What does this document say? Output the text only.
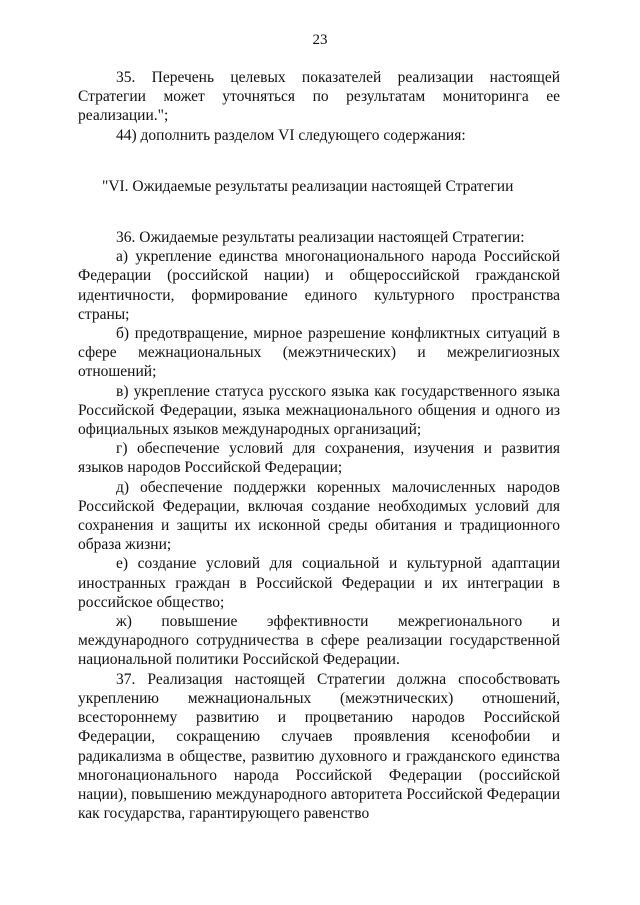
23

35. Перечень целевых показателей реализации настоящей Стратегии может уточняться по результатам мониторинга ее реализации.";

44) дополнить разделом VI следующего содержания:

"VI. Ожидаемые результаты реализации настоящей Стратегии

36. Ожидаемые результаты реализации настоящей Стратегии:

а) укрепление единства многонационального народа Российской Федерации (российской нации) и общероссийской гражданской идентичности, формирование единого культурного пространства страны;

б) предотвращение, мирное разрешение конфликтных ситуаций в сфере межнациональных (межэтнических) и межрелигиозных отношений;

в) укрепление статуса русского языка как государственного языка Российской Федерации, языка межнационального общения и одного из официальных языков международных организаций;

г) обеспечение условий для сохранения, изучения и развития языков народов Российской Федерации;

д) обеспечение поддержки коренных малочисленных народов Российской Федерации, включая создание необходимых условий для сохранения и защиты их исконной среды обитания и традиционного образа жизни;

е) создание условий для социальной и культурной адаптации иностранных граждан в Российской Федерации и их интеграции в российское общество;

ж) повышение эффективности межрегионального и международного сотрудничества в сфере реализации государственной национальной политики Российской Федерации.

37. Реализация настоящей Стратегии должна способствовать укреплению межнациональных (межэтнических) отношений, всестороннему развитию и процветанию народов Российской Федерации, сокращению случаев проявления ксенофобии и радикализма в обществе, развитию духовного и гражданского единства многонационального народа Российской Федерации (российской нации), повышению международного авторитета Российской Федерации как государства, гарантирующего равенство
